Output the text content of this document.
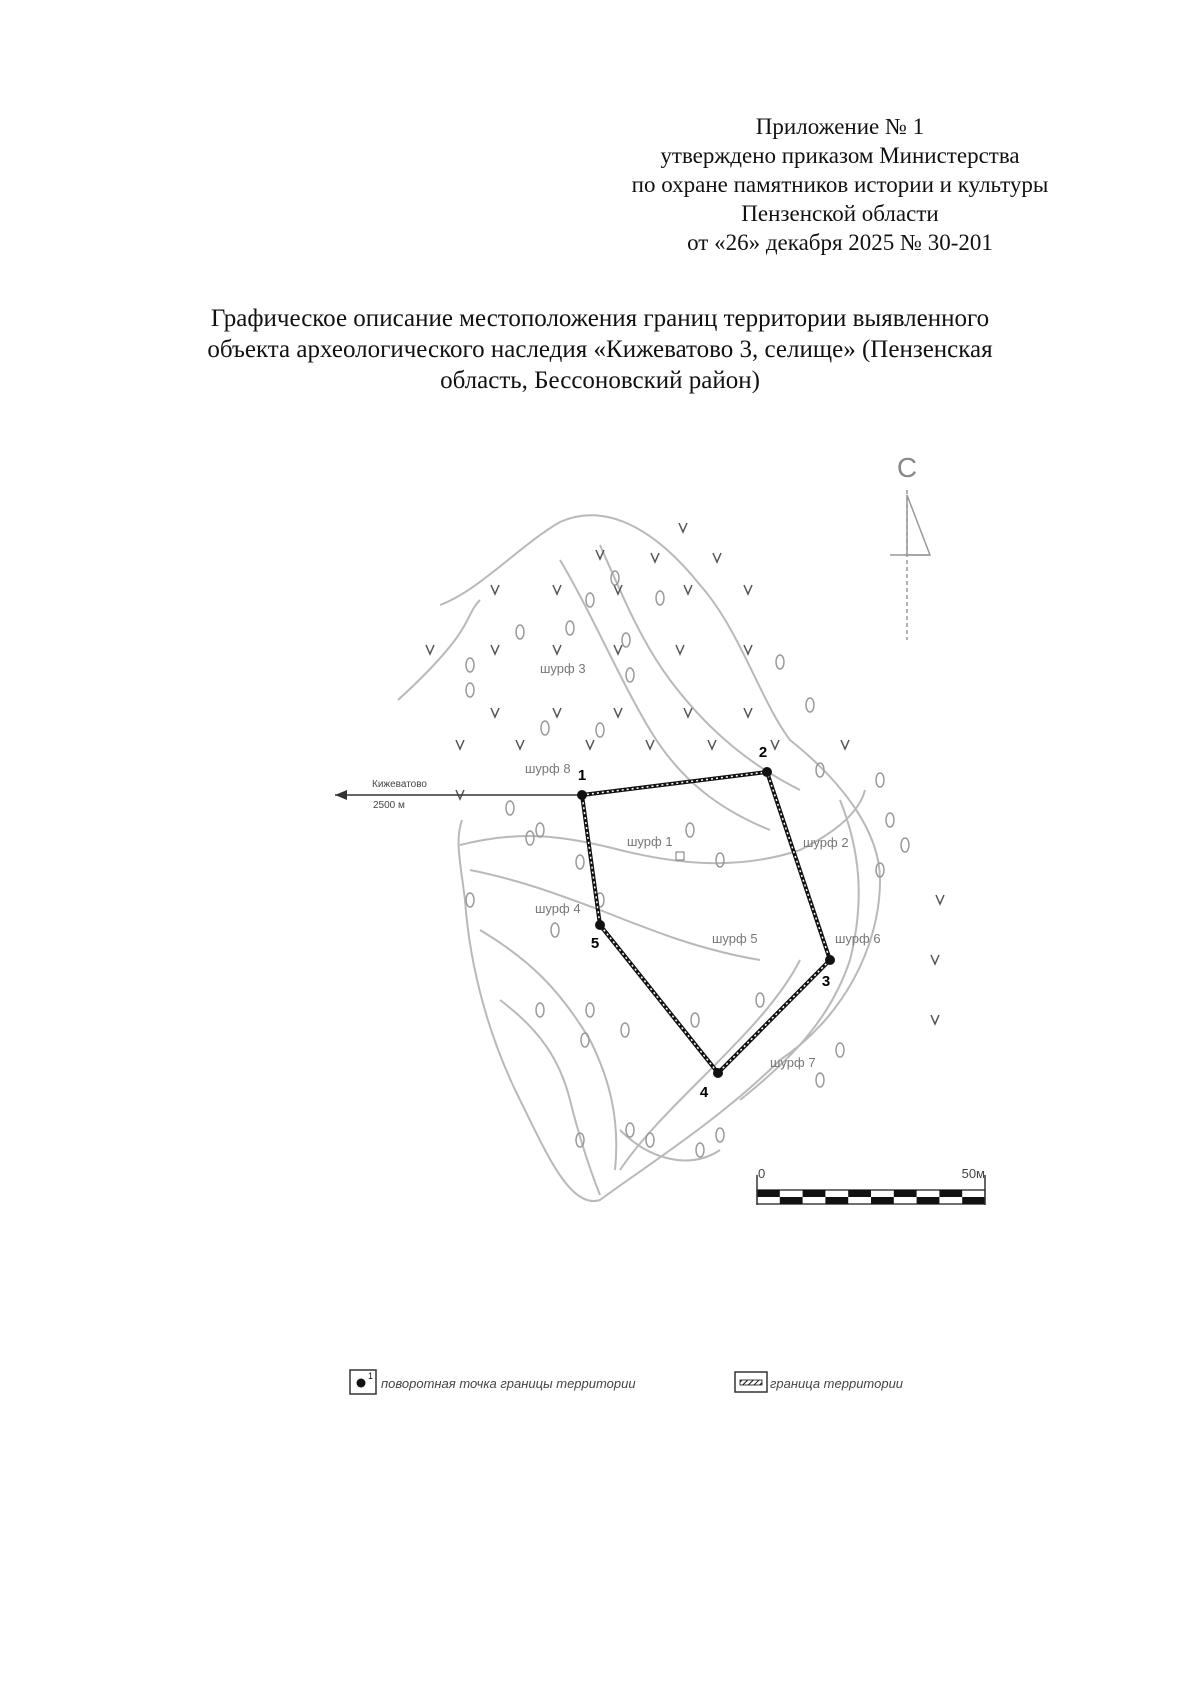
Приложение № 1
утверждено приказом Министерства
по охране памятников истории и культуры
Пензенской области
от «26» декабря 2025 № 30-201
Графическое описание местоположения границ территории выявленного
объекта археологического наследия «Кижеватово 3, селище» (Пензенская
область, Бессоновский район)
С
Кижеватово
2500 м
1
2
3
4
5
шурф 1	шурф 2
шурф 3
шурф 4
шурф 5	шурф 6
шурф 7
шурф 8
0	50м
1 поворотная точка границы территории	граница территории
